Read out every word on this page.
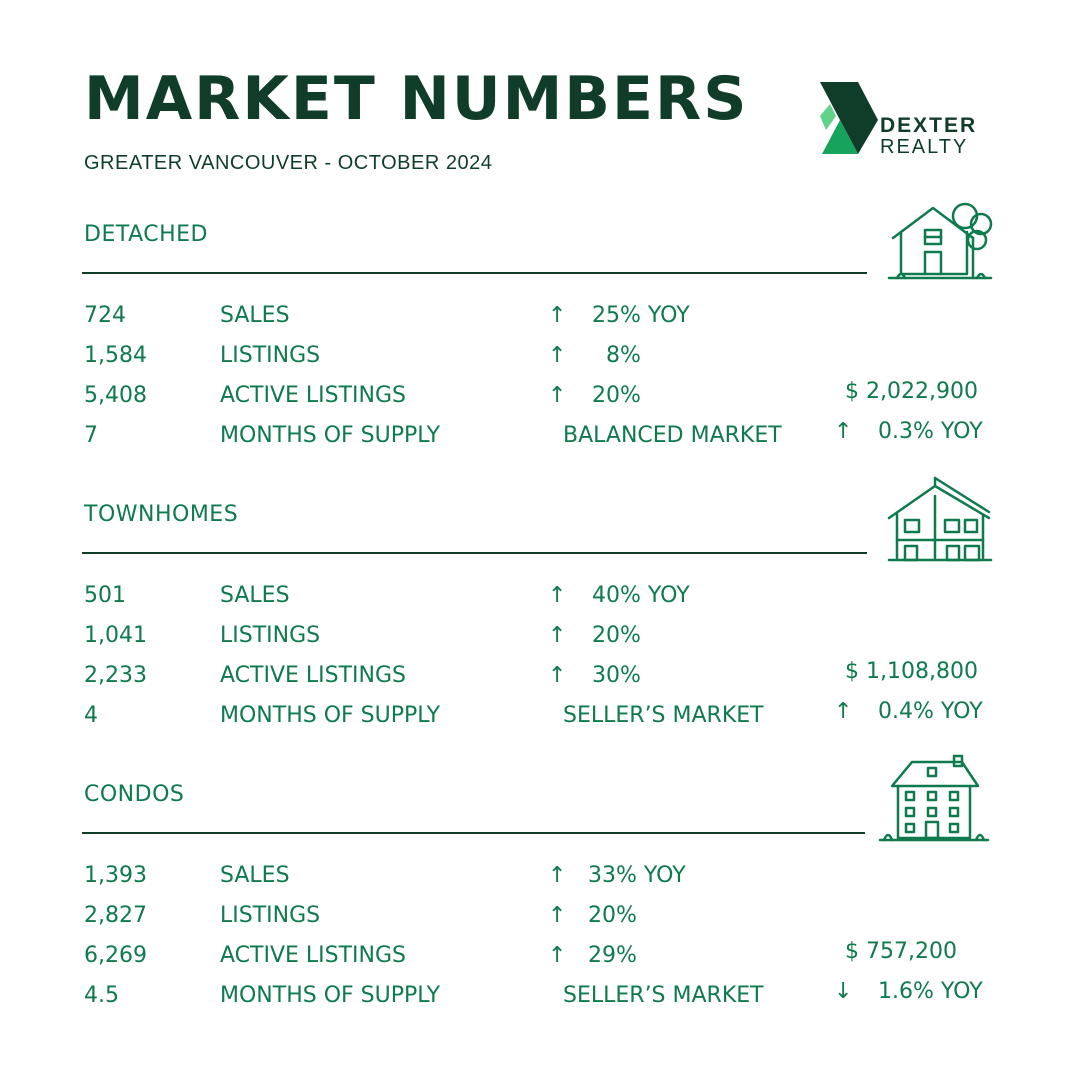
MARKET NUMBERS
GREATER VANCOUVER - OCTOBER 2024
DEXTER
REALTY
DETACHED
724	SALES	↑ 25% YOY
1,584	LISTINGS	↑ 8%
5,408	ACTIVE LISTINGS	↑ 20%
7	MONTHS OF SUPPLY	BALANCED MARKET
$ 2,022,900
↑ 0.3% YOY
TOWNHOMES
501	SALES	↑ 40% YOY
1,041	LISTINGS	↑ 20%
2,233	ACTIVE LISTINGS	↑ 30%
4	MONTHS OF SUPPLY	SELLER’S MARKET
$ 1,108,800
↑ 0.4% YOY
CONDOS
1,393	SALES	↑ 33% YOY
2,827	LISTINGS	↑ 20%
6,269	ACTIVE LISTINGS	↑ 29%
4.5	MONTHS OF SUPPLY	SELLER’S MARKET
$ 757,200
↓ 1.6% YOY
